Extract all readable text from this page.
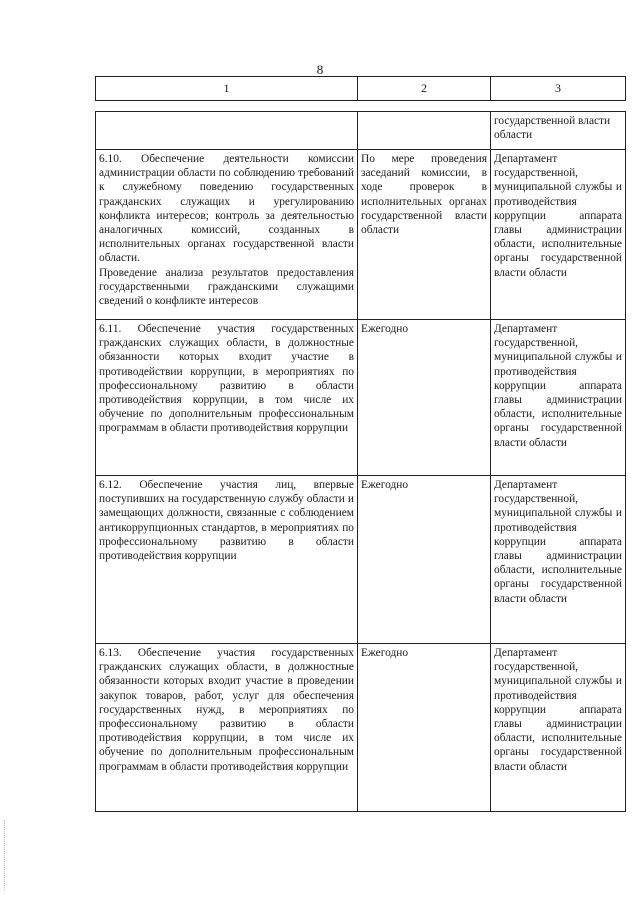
8
1	2	3
		государственной власти области

6.10. Обеспечение деятельности комиссии администрации области по соблюдению требований к служебному поведению государственных гражданских служащих и урегулированию конфликта интересов; контроль за деятельностью аналогичных комиссий, созданных в исполнительных органах государственной власти области.

Проведение анализа результатов предоставления государственными гражданскими служащими сведений о конфликте интересов	По мере проведения заседаний комиссии, в ходе проверок в исполнительных органах государственной власти области	Департамент государственной, муниципальной службы и противодействия коррупции аппарата главы администрации области, исполнительные органы государственной власти области

6.11. Обеспечение участия государственных гражданских служащих области, в должностные обязанности которых входит участие в противодействии коррупции, в мероприятиях по профессиональному развитию в области противодействия коррупции, в том числе их обучение по дополнительным профессиональным программам в области противодействия коррупции	Ежегодно	Департамент государственной, муниципальной службы и противодействия коррупции аппарата главы администрации области, исполнительные органы государственной власти области

6.12. Обеспечение участия лиц, впервые поступивших на государственную службу области и замещающих должности, связанные с соблюдением антикоррупционных стандартов, в мероприятиях по профессиональному развитию в области противодействия коррупции	Ежегодно	Департамент государственной, муниципальной службы и противодействия коррупции аппарата главы администрации области, исполнительные органы государственной власти области

6.13. Обеспечение участия государственных гражданских служащих области, в должностные обязанности которых входит участие в проведении закупок товаров, работ, услуг для обеспечения государственных нужд, в мероприятиях по профессиональному развитию в области противодействия коррупции, в том числе их обучение по дополнительным профессиональным программам в области противодействия коррупции	Ежегодно	Департамент государственной, муниципальной службы и противодействия коррупции аппарата главы администрации области, исполнительные органы государственной власти области
